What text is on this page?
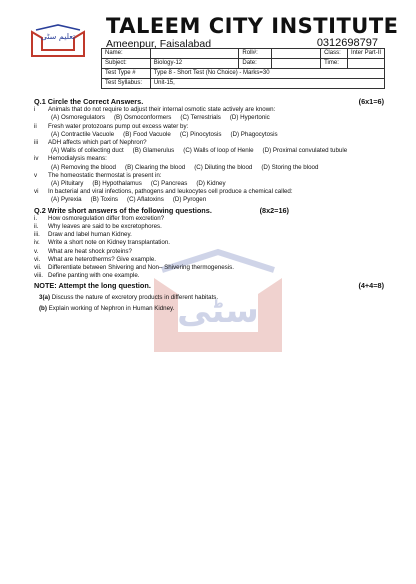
تعليم سٹی TALEEM CITY INSTITUTE
Ameenpur, Faisalabad	0312698797
Name:		Roll#:		Class:	Inter Part-II
Subject:	Biology-12	Date:		Time:	
Test Type #	Type 8 - Short Test (No Choice) - Marks=30				
Test Syllabus:	Unit-15,				
سٹی
Q.1 Circle the Correct Answers.	(6x1=6)
i	Animals that do not require to adjust their internal osmotic state actively are known:
(A) Osmoregulators (B) Osmoconformers (C) Terrestrials (D) Hypertonic
ii	Fresh water protozoans pump out excess water by:
(A) Contractile Vacuole (B) Food Vacuole (C) Pinocytosis (D) Phagocytosis
iii	ADH affects which part of Nephron?
(A) Walls of collecting duct (B) Glamerulus (C) Walls of loop of Henle (D) Proximal convulated tubule
iv	Hemodialysis means:
(A) Removing the blood (B) Clearing the blood (C) Diluting the blood (D) Storing the blood
v	The homeostatic thermostat is present in:
(A) Pituitary (B) Hypothalamus (C) Pancreas (D) Kidney
vi	In bacterial and viral infections, pathogens and leukocytes cell produce a chemical called:
(A) Pyrexia (B) Toxins (C) Aflatoxins (D) Pyrogen
Q.2 Write short answers of the following questions.	(8x2=16)
i.	How osmoregulation differ from excretion?
ii.	Why leaves are said to be excretophores.
iii.	Draw and label human Kidney.
iv.	Write a short note on Kidney transplantation.
v.	What are heat shock proteins?
vi.	What are heterotherms? Give example.
vii.	Differentiate between Shivering and Non– Shivering thermogenesis.
viii. Define panting with one example.
NOTE: Attempt the long question.	(4+4=8)
3(a) Discuss the nature of excretory products in different habitats.
(b) Explain working of Nephron in Human Kidney.
